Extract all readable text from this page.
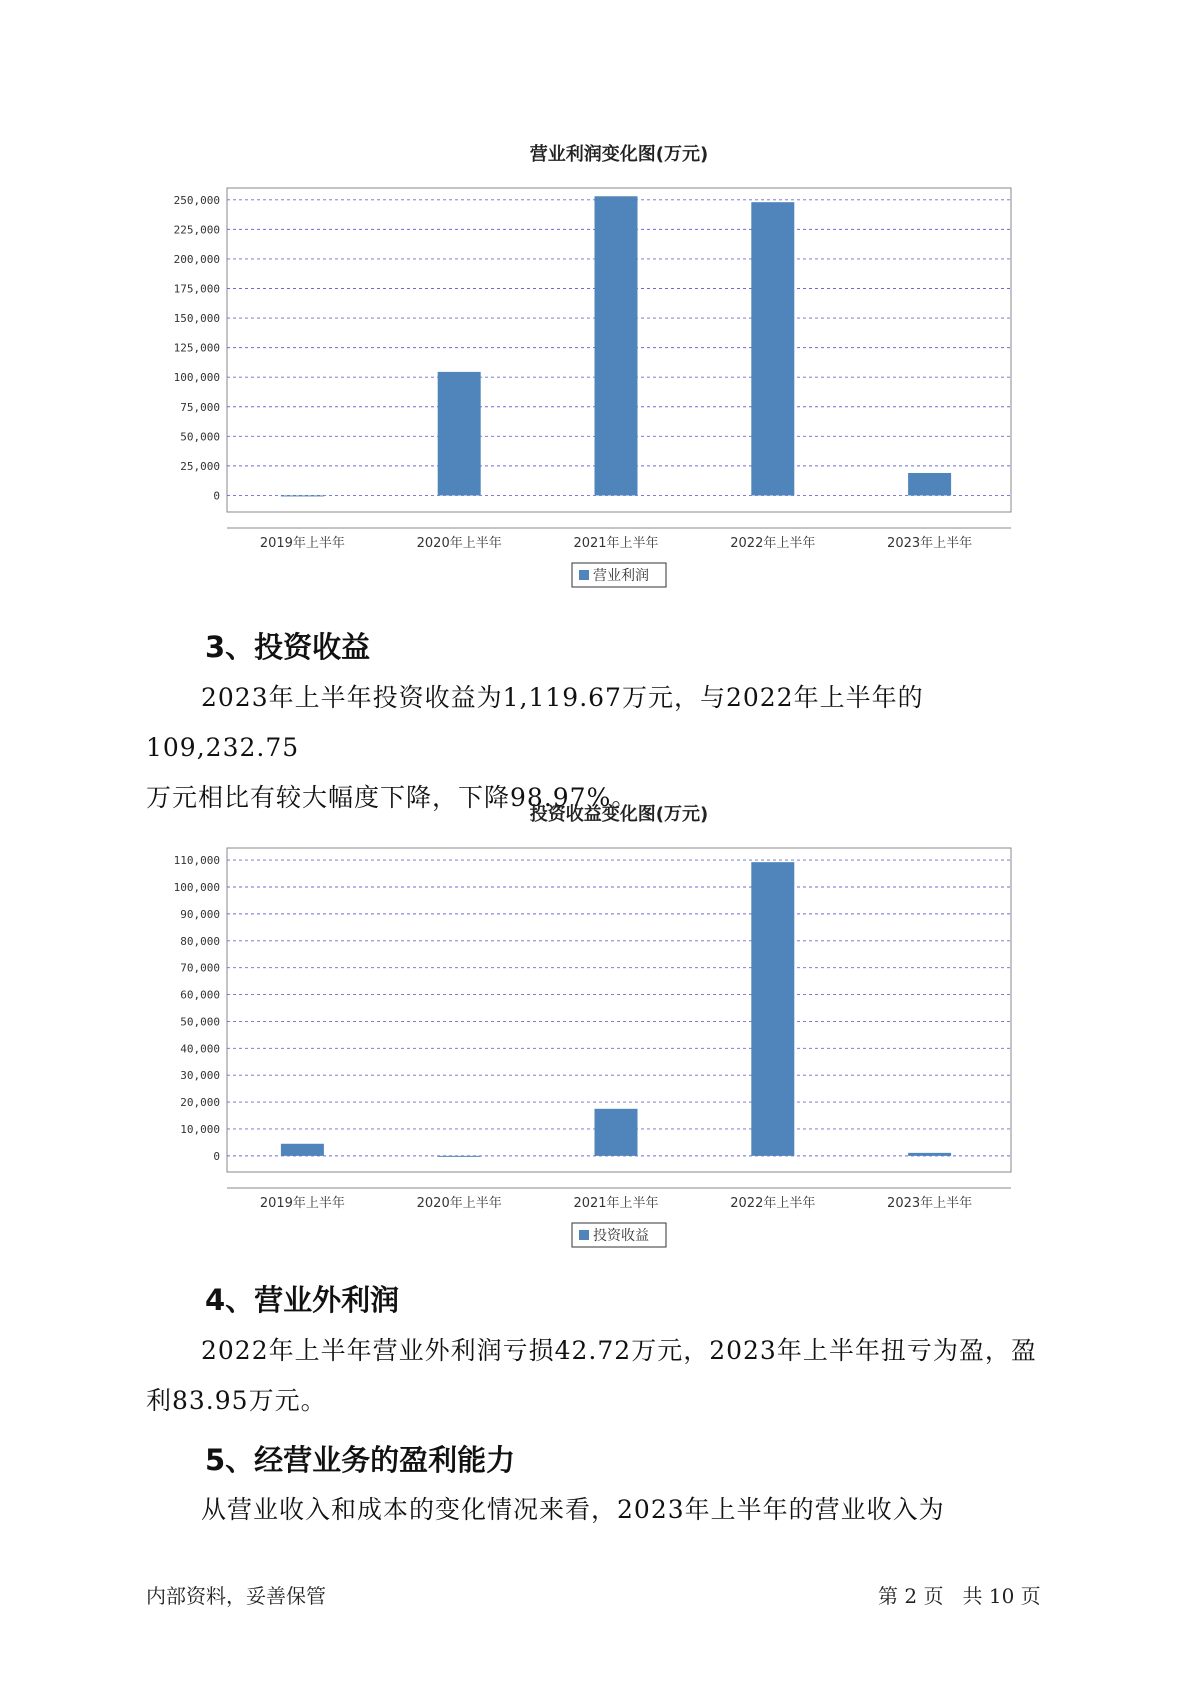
营业利润变化图(万元)
0
25,000
50,000
75,000
100,000
125,000
150,000
175,000
200,000
225,000
250,000
2019年上半年	2020年上半年	2021年上半年	2022年上半年	2023年上半年
营业利润
3、投资收益
2023年上半年投资收益为1,119.67万元，与2022年上半年的109,232.75
万元相比有较大幅度下降，下降98.97%。
投资收益变化图(万元)
0
10,000
20,000
30,000
40,000
50,000
60,000
70,000
80,000
90,000
100,000
110,000
2019年上半年	2020年上半年	2021年上半年	2022年上半年	2023年上半年
投资收益
4、营业外利润
2022年上半年营业外利润亏损42.72万元，2023年上半年扭亏为盈，盈
利83.95万元。
5、经营业务的盈利能力
从营业收入和成本的变化情况来看，2023年上半年的营业收入为
内部资料，妥善保管	第 2 页   共 10 页
